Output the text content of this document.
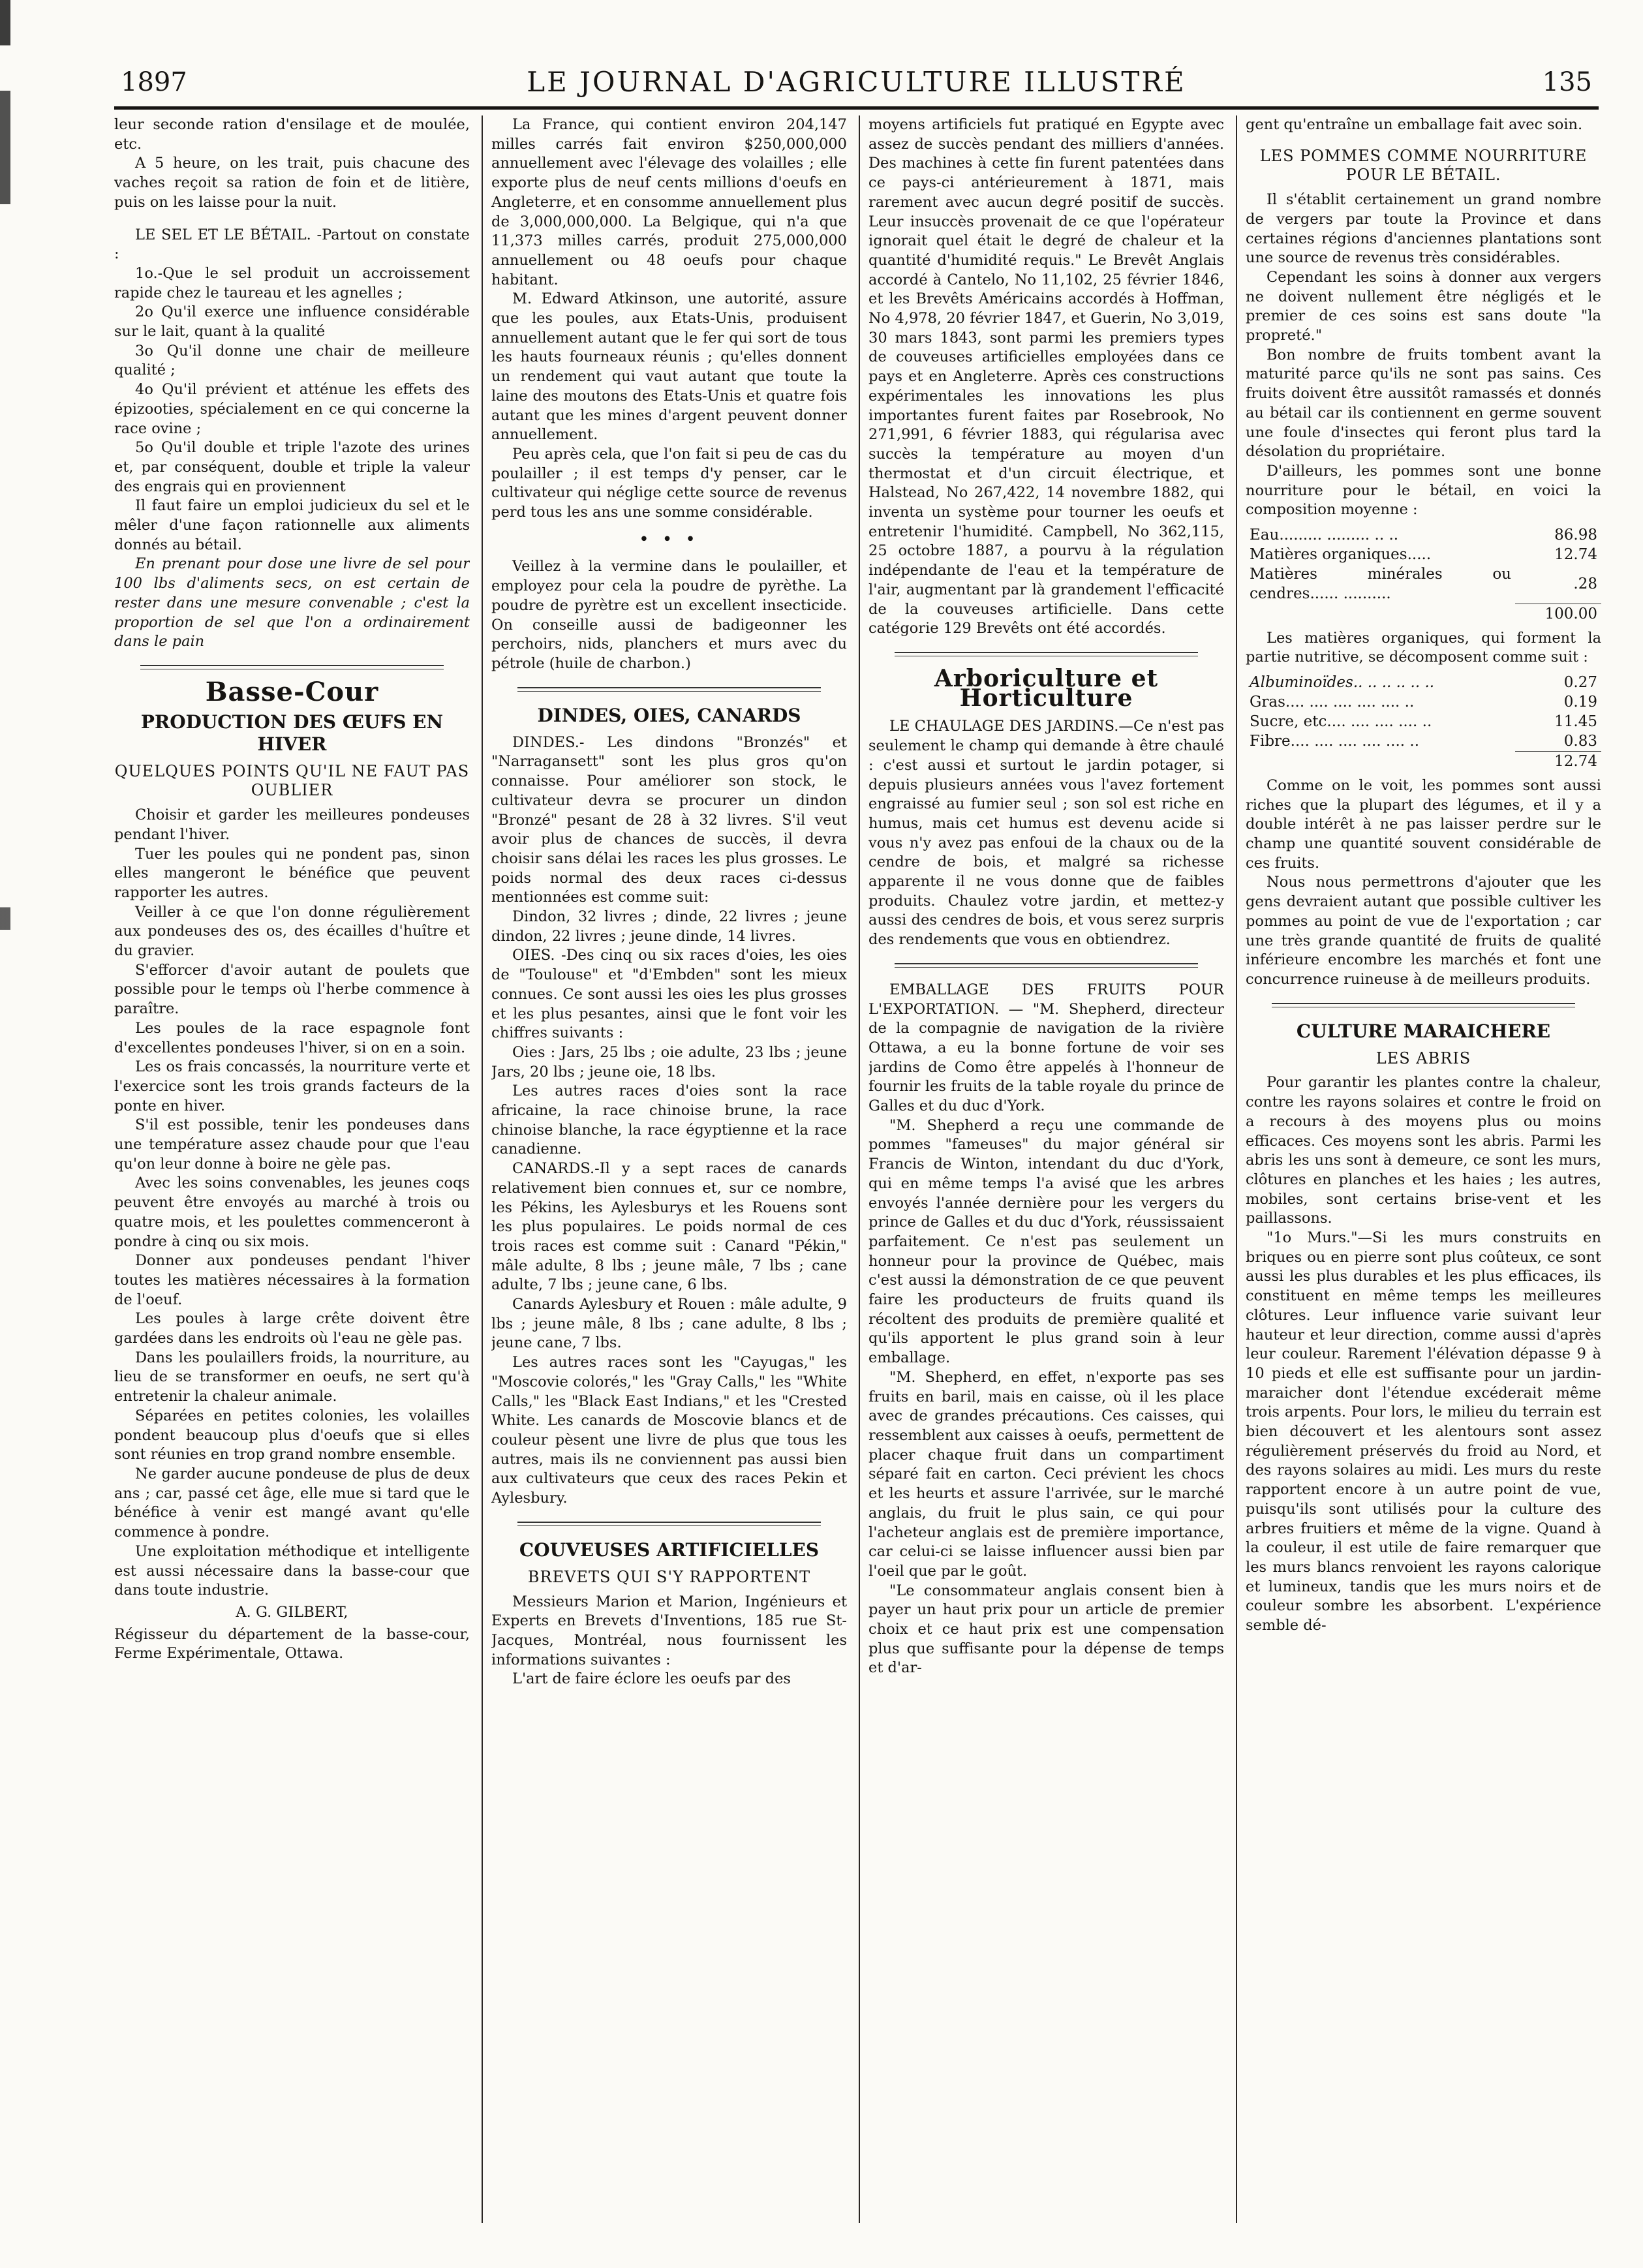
1897	LE JOURNAL D'AGRICULTURE ILLUSTRÉ	135

leur seconde ration d'ensilage et de moulée, etc.

A 5 heure, on les trait, puis chacune des vaches reçoit sa ration de foin et de litière, puis on les laisse pour la nuit.

LE SEL ET LE BÉTAIL. -Partout on constate :

1o.-Que le sel produit un accroissement rapide chez le taureau et les agnelles ;

2o Qu'il exerce une influence considérable sur le lait, quant à la qualité

3o Qu'il donne une chair de meilleure qualité ;

4o Qu'il prévient et atténue les effets des épizooties, spécialement en ce qui concerne la race ovine ;

5o Qu'il double et triple l'azote des urines et, par conséquent, double et triple la valeur des engrais qui en proviennent

Il faut faire un emploi judicieux du sel et le mêler d'une façon rationnelle aux aliments donnés au bétail.

En prenant pour dose une livre de sel pour 100 lbs d'aliments secs, on est certain de rester dans une mesure convenable ; c'est la proportion de sel que l'on a ordinairement dans le pain

Basse-Cour
PRODUCTION DES ŒUFS EN HIVER
QUELQUES POINTS QU'IL NE FAUT PAS OUBLIER

Choisir et garder les meilleures pondeuses pendant l'hiver.

Tuer les poules qui ne pondent pas, sinon elles mangeront le bénéfice que peuvent rapporter les autres.

Veiller à ce que l'on donne régulièrement aux pondeuses des os, des écailles d'huître et du gravier.

S'efforcer d'avoir autant de poulets que possible pour le temps où l'herbe commence à paraître.

Les poules de la race espagnole font d'excellentes pondeuses l'hiver, si on en a soin.

Les os frais concassés, la nourriture verte et l'exercice sont les trois grands facteurs de la ponte en hiver.

S'il est possible, tenir les pondeuses dans une température assez chaude pour que l'eau qu'on leur donne à boire ne gèle pas.

Avec les soins convenables, les jeunes coqs peuvent être envoyés au marché à trois ou quatre mois, et les poulettes commenceront à pondre à cinq ou six mois.

Donner aux pondeuses pendant l'hiver toutes les matières nécessaires à la formation de l'oeuf.

Les poules à large crête doivent être gardées dans les endroits où l'eau ne gèle pas.

Dans les poulaillers froids, la nourriture, au lieu de se transformer en oeufs, ne sert qu'à entretenir la chaleur animale.

Séparées en petites colonies, les volailles pondent beaucoup plus d'oeufs que si elles sont réunies en trop grand nombre ensemble.

Ne garder aucune pondeuse de plus de deux ans ; car, passé cet âge, elle mue si tard que le bénéfice à venir est mangé avant qu'elle commence à pondre.

Une exploitation méthodique et intelligente est aussi nécessaire dans la basse-cour que dans toute industrie.

A. G. GILBERT,

Régisseur du département de la basse-cour, Ferme Expérimentale, Ottawa.

La France, qui contient environ 204,147 milles carrés fait environ $250,000,000 annuellement avec l'élevage des volailles ; elle exporte plus de neuf cents millions d'oeufs en Angleterre, et en consomme annuellement plus de 3,000,000,000. La Belgique, qui n'a que 11,373 milles carrés, produit 275,000,000 annuellement ou 48 oeufs pour chaque habitant.

M. Edward Atkinson, une autorité, assure que les poules, aux Etats-Unis, produisent annuellement autant que le fer qui sort de tous les hauts fourneaux réunis ; qu'elles donnent un rendement qui vaut autant que toute la laine des moutons des Etats-Unis et quatre fois autant que les mines d'argent peuvent donner annuellement.

Peu après cela, que l'on fait si peu de cas du poulailler ; il est temps d'y penser, car le cultivateur qui néglige cette source de revenus perd tous les ans une somme considérable.

• • •

Veillez à la vermine dans le poulailler, et employez pour cela la poudre de pyrèthe. La poudre de pyrètre est un excellent insecticide. On conseille aussi de badigeonner les perchoirs, nids, planchers et murs avec du pétrole (huile de charbon.)

DINDES, OIES, CANARDS

DINDES.- Les dindons "Bronzés" et "Narragansett" sont les plus gros qu'on connaisse. Pour améliorer son stock, le cultivateur devra se procurer un dindon "Bronzé" pesant de 28 à 32 livres. S'il veut avoir plus de chances de succès, il devra choisir sans délai les races les plus grosses. Le poids normal des deux races ci-dessus mentionnées est comme suit:

Dindon, 32 livres ; dinde, 22 livres ; jeune dindon, 22 livres ; jeune dinde, 14 livres.

OIES. -Des cinq ou six races d'oies, les oies de "Toulouse" et "d'Embden" sont les mieux connues. Ce sont aussi les oies les plus grosses et les plus pesantes, ainsi que le font voir les chiffres suivants :

Oies : Jars, 25 lbs ; oie adulte, 23 lbs ; jeune Jars, 20 lbs ; jeune oie, 18 lbs.

Les autres races d'oies sont la race africaine, la race chinoise brune, la race chinoise blanche, la race égyptienne et la race canadienne.

CANARDS.-Il y a sept races de canards relativement bien connues et, sur ce nombre, les Pékins, les Aylesburys et les Rouens sont les plus populaires. Le poids normal de ces trois races est comme suit : Canard "Pékin," mâle adulte, 8 lbs ; jeune mâle, 7 lbs ; cane adulte, 7 lbs ; jeune cane, 6 lbs.

Canards Aylesbury et Rouen : mâle adulte, 9 lbs ; jeune mâle, 8 lbs ; cane adulte, 8 lbs ; jeune cane, 7 lbs.

Les autres races sont les "Cayugas," les "Moscovie colorés," les "Gray Calls," les "White Calls," les "Black East Indians," et les "Crested White. Les canards de Moscovie blancs et de couleur pèsent une livre de plus que tous les autres, mais ils ne conviennent pas aussi bien aux cultivateurs que ceux des races Pekin et Aylesbury.

COUVEUSES ARTIFICIELLES
BREVETS QUI S'Y RAPPORTENT

Messieurs Marion et Marion, Ingénieurs et Experts en Brevets d'Inventions, 185 rue St-Jacques, Montréal, nous fournissent les informations suivantes :

L'art de faire éclore les oeufs par des

moyens artificiels fut pratiqué en Egypte avec assez de succès pendant des milliers d'années. Des machines à cette fin furent patentées dans ce pays-ci antérieurement à 1871, mais rarement avec aucun degré positif de succès. Leur insuccès provenait de ce que l'opérateur ignorait quel était le degré de chaleur et la quantité d'humidité requis." Le Brevêt Anglais accordé à Cantelo, No 11,102, 25 février 1846, et les Brevêts Américains accordés à Hoffman, No 4,978, 20 février 1847, et Guerin, No 3,019, 30 mars 1843, sont parmi les premiers types de couveuses artificielles employées dans ce pays et en Angleterre. Après ces constructions expérimentales les innovations les plus importantes furent faites par Rosebrook, No 271,991, 6 février 1883, qui régularisa avec succès la température au moyen d'un thermostat et d'un circuit électrique, et Halstead, No 267,422, 14 novembre 1882, qui inventa un système pour tourner les oeufs et entretenir l'humidité. Campbell, No 362,115, 25 octobre 1887, a pourvu à la régulation indépendante de l'eau et la température de l'air, augmentant par là grandement l'efficacité de la couveuses artificielle. Dans cette catégorie 129 Brevêts ont été accordés.

Arboriculture et Horticulture

LE CHAULAGE DES JARDINS.—Ce n'est pas seulement le champ qui demande à être chaulé : c'est aussi et surtout le jardin potager, si depuis plusieurs années vous l'avez fortement engraissé au fumier seul ; son sol est riche en humus, mais cet humus est devenu acide si vous n'y avez pas enfoui de la chaux ou de la cendre de bois, et malgré sa richesse apparente il ne vous donne que de faibles produits. Chaulez votre jardin, et mettez-y aussi des cendres de bois, et vous serez surpris des rendements que vous en obtiendrez.

EMBALLAGE DES FRUITS POUR L'EXPORTATION. — "M. Shepherd, directeur de la compagnie de navigation de la rivière Ottawa, a eu la bonne fortune de voir ses jardins de Como être appelés à l'honneur de fournir les fruits de la table royale du prince de Galles et du duc d'York.

"M. Shepherd a reçu une commande de pommes "fameuses" du major général sir Francis de Winton, intendant du duc d'York, qui en même temps l'a avisé que les arbres envoyés l'année dernière pour les vergers du prince de Galles et du duc d'York, réussissaient parfaitement. Ce n'est pas seulement un honneur pour la province de Québec, mais c'est aussi la démonstration de ce que peuvent faire les producteurs de fruits quand ils récoltent des produits de première qualité et qu'ils apportent le plus grand soin à leur emballage.

"M. Shepherd, en effet, n'exporte pas ses fruits en baril, mais en caisse, où il les place avec de grandes précautions. Ces caisses, qui ressemblent aux caisses à oeufs, permettent de placer chaque fruit dans un compartiment séparé fait en carton. Ceci prévient les chocs et les heurts et assure l'arrivée, sur le marché anglais, du fruit le plus sain, ce qui pour l'acheteur anglais est de première importance, car celui-ci se laisse influencer aussi bien par l'oeil que par le goût.

"Le consommateur anglais consent bien à payer un haut prix pour un article de premier choix et ce haut prix est une compensation plus que suffisante pour la dépense de temps et d'ar-

gent qu'entraîne un emballage fait avec soin.

LES POMMES COMME NOURRITURE POUR LE BÉTAIL.

Il s'établit certainement un grand nombre de vergers par toute la Province et dans certaines régions d'anciennes plantations sont une source de revenus très considérables.

Cependant les soins à donner aux vergers ne doivent nullement être négligés et le premier de ces soins est sans doute "la propreté."

Bon nombre de fruits tombent avant la maturité parce qu'ils ne sont pas sains. Ces fruits doivent être aussitôt ramassés et donnés au bétail car ils contiennent en germe souvent une foule d'insectes qui feront plus tard la désolation du propriétaire.

D'ailleurs, les pommes sont une bonne nourriture pour le bétail, en voici la composition moyenne :

Eau......... ......... .. ..	86.98
Matières organiques.....	12.74
Matières minérales ou cendres...... ..........	.28
	100.00

Les matières organiques, qui forment la partie nutritive, se décomposent comme suit :

Albuminoïdes.. .. .. .. .. ..	0.27
Gras.... .... .... .... .... ..	0.19
Sucre, etc.... .... .... .... ..	11.45
Fibre.... .... .... .... .... ..	0.83
	12.74

Comme on le voit, les pommes sont aussi riches que la plupart des légumes, et il y a double intérêt à ne pas laisser perdre sur le champ une quantité souvent considérable de ces fruits.

Nous nous permettrons d'ajouter que les gens devraient autant que possible cultiver les pommes au point de vue de l'exportation ; car une très grande quantité de fruits de qualité inférieure encombre les marchés et font une concurrence ruineuse à de meilleurs produits.

CULTURE MARAICHERE
LES ABRIS

Pour garantir les plantes contre la chaleur, contre les rayons solaires et contre le froid on a recours à des moyens plus ou moins efficaces. Ces moyens sont les abris. Parmi les abris les uns sont à demeure, ce sont les murs, clôtures en planches et les haies ; les autres, mobiles, sont certains brise-vent et les paillassons.

"1o Murs."—Si les murs construits en briques ou en pierre sont plus coûteux, ce sont aussi les plus durables et les plus efficaces, ils constituent en même temps les meilleures clôtures. Leur influence varie suivant leur hauteur et leur direction, comme aussi d'après leur couleur. Rarement l'élévation dépasse 9 à 10 pieds et elle est suffisante pour un jardin-maraicher dont l'étendue excéderait même trois arpents. Pour lors, le milieu du terrain est bien découvert et les alentours sont assez régulièrement préservés du froid au Nord, et des rayons solaires au midi. Les murs du reste rapportent encore à un autre point de vue, puisqu'ils sont utilisés pour la culture des arbres fruitiers et même de la vigne. Quand à la couleur, il est utile de faire remarquer que les murs blancs renvoient les rayons calorique et lumineux, tandis que les murs noirs et de couleur sombre les absorbent. L'expérience semble dé-
